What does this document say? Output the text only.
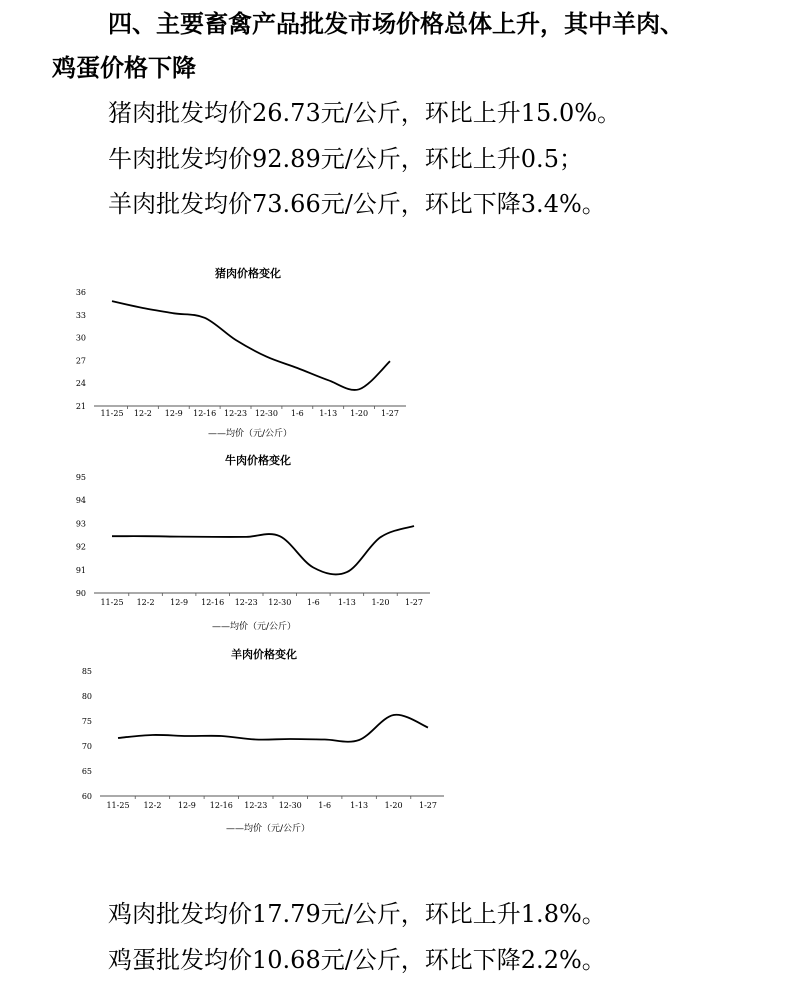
四、主要畜禽产品批发市场价格总体上升，其中羊肉、
鸡蛋价格下降

猪肉批发均价26.73元/公斤，环比上升15.0%。

牛肉批发均价92.89元/公斤，环比上升0.5；

羊肉批发均价73.66元/公斤，环比下降3.4%。

猪肉价格变化
21
24
27
30
33
36
11-25 12-2 12-9 12-16 12-23 12-30 1-6 1-13 1-20 1-27
——均价（元/公斤）
牛肉价格变化
90
91
92
93
94
95
11-25 12-2 12-9 12-16 12-23 12-30 1-6 1-13 1-20 1-27
——均价（元/公斤）
羊肉价格变化
60
65
70
75
80
85
11-25 12-2 12-9 12-16 12-23 12-30 1-6 1-13 1-20 1-27
——均价（元/公斤）

鸡肉批发均价17.79元/公斤，环比上升1.8%。

鸡蛋批发均价10.68元/公斤，环比下降2.2%。
